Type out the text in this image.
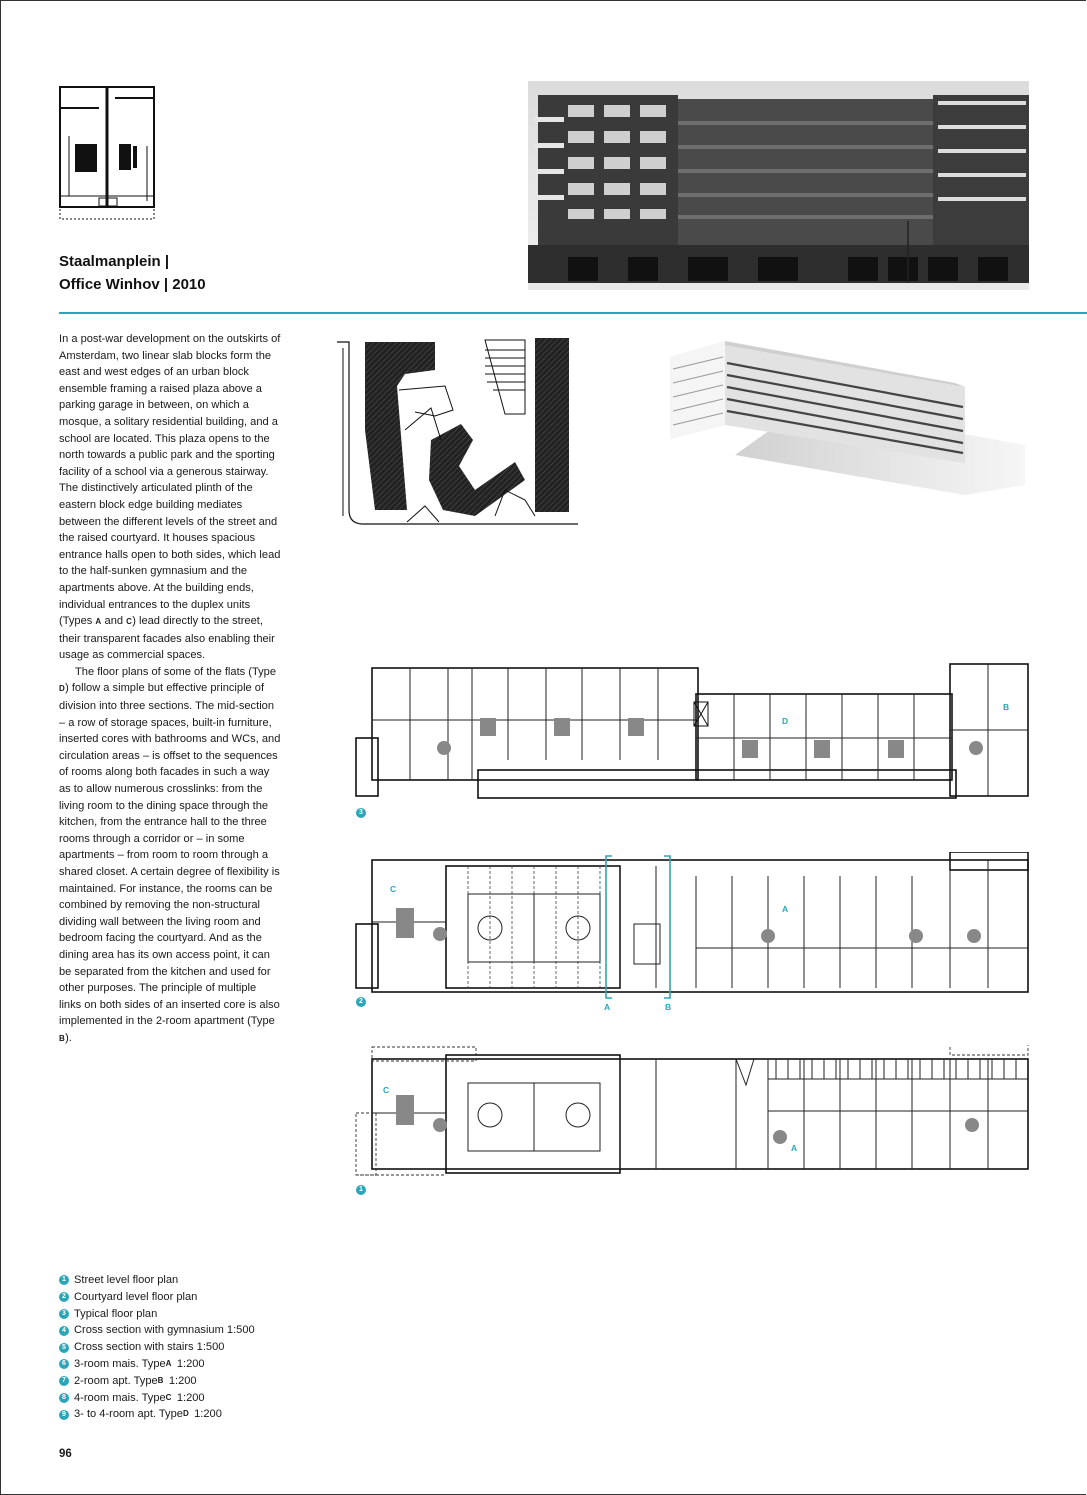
Staalmanplein |
Office Winhov | 2010

In a post-war development on the outskirts of Amsterdam, two linear slab blocks form the east and west edges of an urban block ensemble framing a raised plaza above a parking garage in between, on which a mosque, a solitary residential building, and a school are located. This plaza opens to the north towards a public park and the sporting facility of a school via a generous stairway. The distinctively articulated plinth of the eastern block edge building mediates between the different levels of the street and the raised courtyard. It houses spacious entrance halls open to both sides, which lead to the half-sunken gymnasium and the apartments above. At the building ends, individual entrances to the duplex units (Types A and C) lead directly to the street, their transparent facades also enabling their usage as commercial spaces.

The floor plans of some of the flats (Type D) follow a simple but effective principle of division into three sections. The mid-section – a row of storage spaces, built-in furniture, inserted cores with bathrooms and WCs, and circulation areas – is offset to the sequences of rooms along both facades in such a way as to allow numerous crosslinks: from the living room to the dining space through the kitchen, from the entrance hall to the three rooms through a corridor or – in some apartments – from room to room through a shared closet. A certain degree of flexibility is maintained. For instance, the rooms can be combined by removing the non-structural dividing wall between the living room and bedroom facing the courtyard. And as the dining area has its own access point, it can be separated from the kitchen and used for other purposes. The principle of multiple links on both sides of an inserted core is also implemented in the 2-room apartment (Type B).

D
B
3
C
A
A	B
2
C
A
1
1 Street level floor plan
2 Courtyard level floor plan
3 Typical floor plan
4 Cross section with gymnasium 1:500
5 Cross section with stairs 1:500
6 3-room mais. Type A 1:200
7 2-room apt. Type B 1:200
8 4-room mais. Type C 1:200
9 3- to 4-room apt. Type D 1:200
96
